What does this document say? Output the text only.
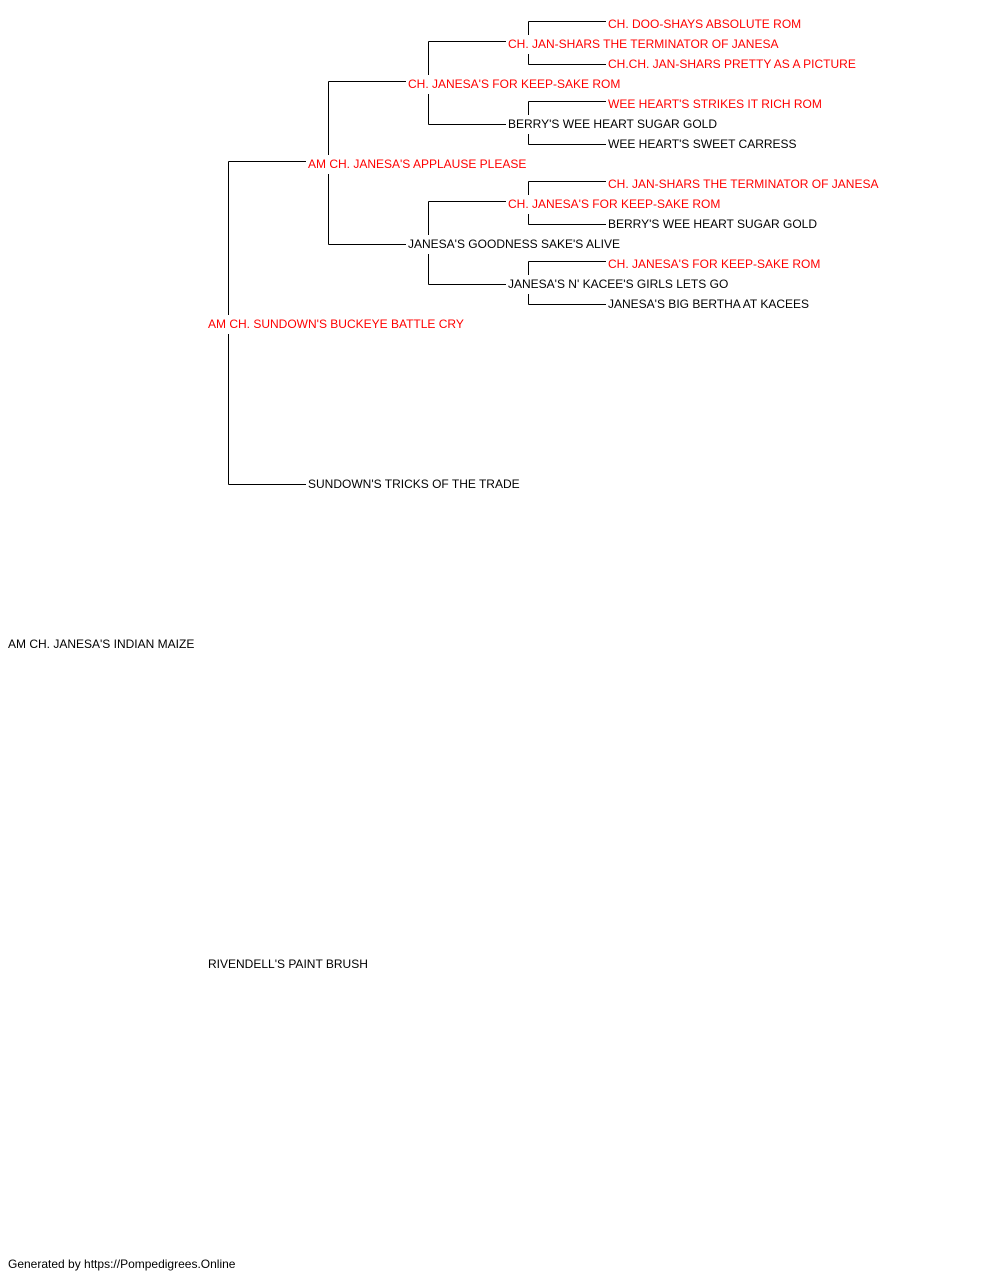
AM CH. JANESA'S INDIAN MAIZE
AM CH. SUNDOWN'S BUCKEYE BATTLE CRY
RIVENDELL'S PAINT BRUSH
AM CH. JANESA'S APPLAUSE PLEASE
SUNDOWN'S TRICKS OF THE TRADE
CH. JANESA'S FOR KEEP-SAKE ROM
JANESA'S GOODNESS SAKE'S ALIVE
CH. JAN-SHARS THE TERMINATOR OF JANESA
BERRY'S WEE HEART SUGAR GOLD
CH. JANESA'S FOR KEEP-SAKE ROM
JANESA'S N' KACEE'S GIRLS LETS GO
CH. DOO-SHAYS ABSOLUTE ROM
CH.CH. JAN-SHARS PRETTY AS A PICTURE
WEE HEART'S STRIKES IT RICH ROM
WEE HEART'S SWEET CARRESS
CH. JAN-SHARS THE TERMINATOR OF JANESA
BERRY'S WEE HEART SUGAR GOLD
CH. JANESA'S FOR KEEP-SAKE ROM
JANESA'S BIG BERTHA AT KACEES
Generated by https://Pompedigrees.Online
